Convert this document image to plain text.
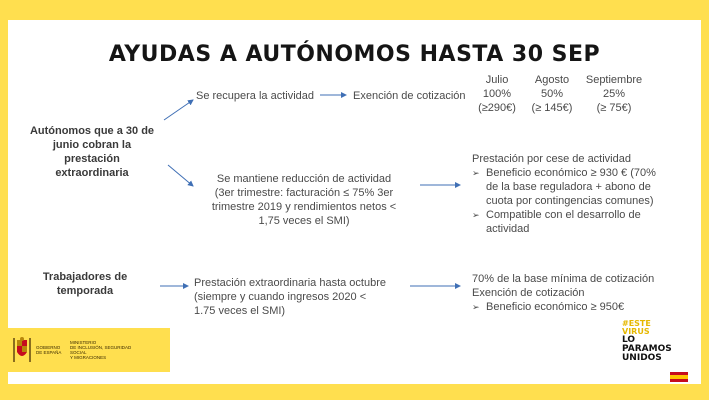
AYUDAS A AUTÓNOMOS HASTA 30 SEP
Autónomos que a 30 de
junio cobran la
prestación
extraordinaria
Trabajadores de
temporada
Se recupera la actividad	Exención de cotización
Julio
100%
(≥290€)
Agosto
50%
(≥ 145€)
Septiembre
25%
(≥ 75€)
Se mantiene reducción de actividad
(3er trimestre: facturación ≤ 75% 3er
trimestre 2019 y rendimientos netos <
1,75 veces el SMI)
Prestación por cese de actividad
➢ Beneficio económico ≥ 930 € (70%
de la base reguladora + abono de
cuota por contingencias comunes)
➢ Compatible con el desarrollo de
actividad
Prestación extraordinaria hasta octubre
(siempre y cuando ingresos 2020 <
1.75 veces el SMI)
70% de la base mínima de cotización
Exención de cotización
➢ Beneficio económico ≥ 950€
#ESTE
VIRUS
LO
PARAMOS
UNIDOS
GOBIERNO
DE ESPAÑA
MINISTERIO
DE INCLUSIÓN, SEGURIDAD SOCIAL
Y MIGRACIONES
